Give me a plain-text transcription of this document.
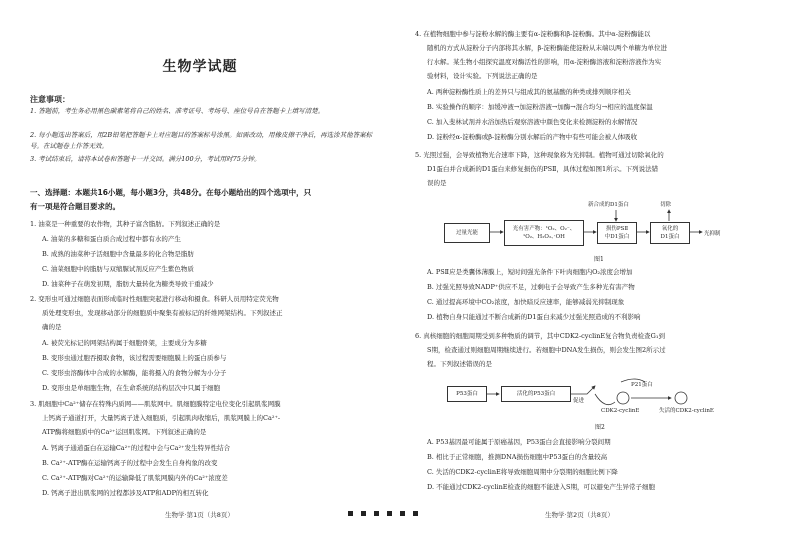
生物学试题
注意事项：
1. 答题前，考生务必用黑色碳素笔将自己的姓名、准考证号、考场号、座位号自在答题卡上填写清楚。
2. 每小题选出答案后，用2B铅笔把答题卡上对应题目的答案标号涂黑。如需改动，用橡皮擦干净后，再选涂其他答案标号。在试题卷上作答无效。
3. 考试结束后，请将本试卷和答题卡一并交回。满分100分，考试用时75分钟。
一、选择题：本题共16小题，每小题3分，共48分。在每小题给出的四个选项中，只
有一项是符合题目要求的。
1. 油菜是一种重要的农作物，其种子富含脂肪。下列叙述正确的是
A. 油菜的多糖和蛋白质合成过程中都有水的产生
B. 成熟的油菜种子活细胞中含量最多的化合物是脂肪
C. 油菜细胞中的脂肪与双缩脲试剂反应产生紫色物质
D. 油菜种子在萌发初期，脂肪大量转化为糖类导致干重减少
2. 变形虫可通过细胞表面形成临时性细胞突起进行移动和摄食。科研人员用特定荧光物
质处理变形虫，发现移动部分的细胞质中聚集有被标记的纤维网架结构。下列叙述正
确的是
A. 被荧光标记的网架结构属于细胞骨架，主要成分为多糖
B. 变形虫通过胞吞摄取食物，该过程需要细胞膜上的蛋白质参与
C. 变形虫溶酶体中合成的水解酶，能将摄入的食物分解为小分子
D. 变形虫是单细胞生物，在生命系统的结构层次中只属于细胞
3. 肌细胞中Ca²⁺储存在特殊内质网——肌浆网中。肌细胞膜特定电位变化引起肌浆网膜
上钙离子通道打开，大量钙离子进入细胞质，引起肌肉收缩后，肌浆网膜上的Ca²⁺-
ATP酶将细胞质中的Ca²⁺运回肌浆网。下列叙述正确的是
A. 钙离子通道蛋白在运输Ca²⁺的过程中会与Ca²⁺发生特异性结合
B. Ca²⁺-ATP酶在运输钙离子的过程中会发生自身构象的改变
C. Ca²⁺-ATP酶对Ca²⁺的运输降低了肌浆网膜内外的Ca²⁺浓度差
D. 钙离子进出肌浆网的过程都涉及ATP和ADP的相互转化
生物学·第1页（共8页）
4. 在植物细胞中参与淀粉水解的酶主要有α-淀粉酶和β-淀粉酶。其中α-淀粉酶能以
随机的方式从淀粉分子内部将其水解，β-淀粉酶能使淀粉从末端以两个单糖为单位进
行水解。某生物小组探究温度对酶活性的影响，用α-淀粉酶溶液和淀粉溶液作为实
验材料，设计实验。下列说法正确的是
A. 两种淀粉酶性质上的差异只与组成其的氨基酸的种类或排列顺序相关
B. 实验操作的顺序：加缓冲液→加淀粉溶液→加酶→混合均匀→相应的温度保温
C. 加入斐林试剂并水浴加热后观察溶液中颜色变化来检测淀粉的水解情况
D. 淀粉经α-淀粉酶或β-淀粉酶分别水解后的产物中有些可能会被人体吸收
5. 光照过强，会导致植物光合速率下降，这种现象称为光抑制。植物可通过切除氧化的
D1蛋白并合成新的D1蛋白来修复损伤的PSⅡ，具体过程如图1所示。下列说法错
误的是
新合成的D1蛋白	切除
过量光能
光有害产物：¹O₂、O₂⁻、
¹O₂、H₂O₂、·OH
损伤PSⅡ
中D1蛋白
氧化的
D1蛋白	光抑制
图1
A. PSⅡ应是类囊体薄膜上，短时间强光条件下叶肉细胞内O₂浓度会增加
B. 过强光照导致NADP⁺供应不足，过剩电子会导致产生多种光有害产物
C. 通过提高环境中CO₂浓度，加快暗反应速率，能够减弱光抑制现象
D. 植物自身只能通过不断合成新的D1蛋白来减少过强光照造成的不利影响
6. 真核细胞的细胞周期受到多种物质的调节，其中CDK2-cyclinE复合物负责检查G₁到
S期，检查通过则细胞周期继续进行。若细胞中DNA发生损伤，则会发生图2所示过
程。下列叙述错误的是
P53蛋白	活化的P53蛋白
P21蛋白
促进
CDK2-cyclinE	失活的CDK2-cyclinE
图2
A. P53基因最可能属于原癌基因，P53蛋白会直接影响分裂间期
B. 相比于正常细胞，推测DNA损伤细胞中P53蛋白的含量较高
C. 失活的CDK2-cyclinE将导致细胞周期中分裂期的细胞比例下降
D. 不能通过CDK2-cyclinE检查的细胞不能进入S期，可以避免产生异常子细胞
生物学·第2页（共8页）
